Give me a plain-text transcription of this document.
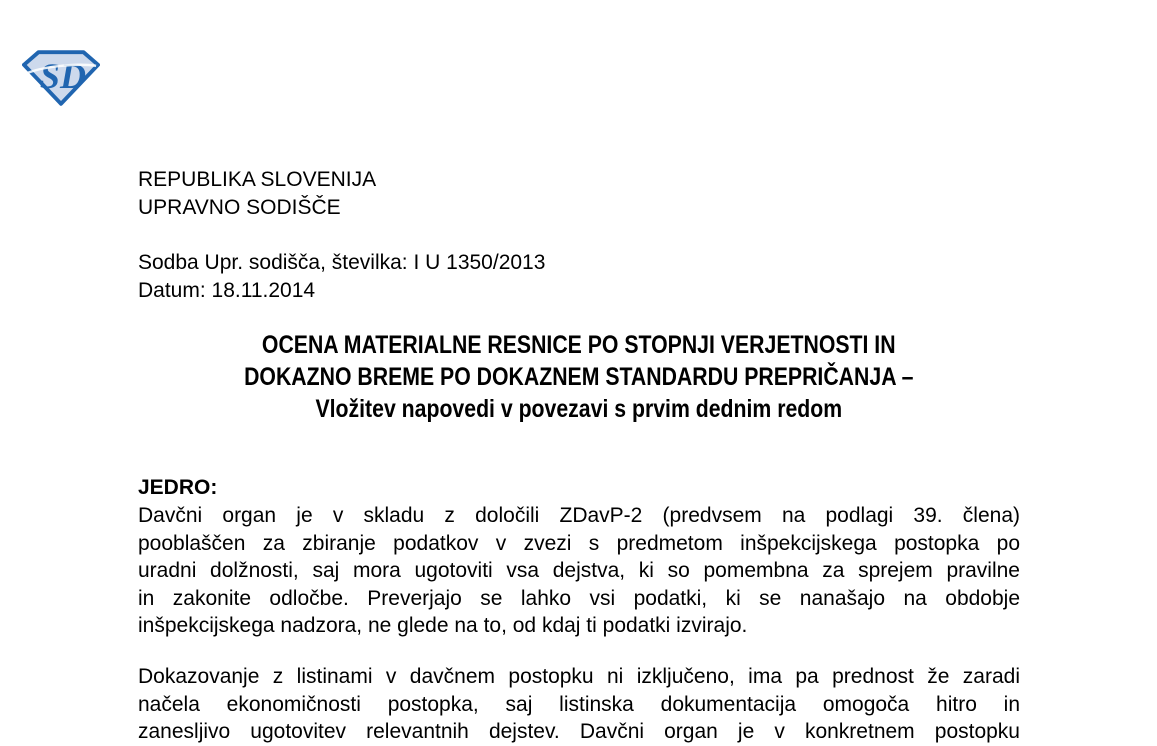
SD
REPUBLIKA SLOVENIJA
UPRAVNO SODIŠČE
Sodba Upr. sodišča, številka: I U 1350/2013
Datum: 18.11.2014
OCENA MATERIALNE RESNICE PO STOPNJI VERJETNOSTI IN
DOKAZNO BREME PO DOKAZNEM STANDARDU PREPRIČANJA –
Vložitev napovedi v povezavi s prvim dednim redom
JEDRO:
Davčni organ je v skladu z določili ZDavP-2 (predvsem na podlagi 39. člena)
pooblaščen za zbiranje podatkov v zvezi s predmetom inšpekcijskega postopka po
uradni dolžnosti, saj mora ugotoviti vsa dejstva, ki so pomembna za sprejem pravilne
in zakonite odločbe. Preverjajo se lahko vsi podatki, ki se nanašajo na obdobje
inšpekcijskega nadzora, ne glede na to, od kdaj ti podatki izvirajo.
Dokazovanje z listinami v davčnem postopku ni izključeno, ima pa prednost že zaradi
načela ekonomičnosti postopka, saj listinska dokumentacija omogoča hitro in
zanesljivo ugotovitev relevantnih dejstev. Davčni organ je v konkretnem postopku
